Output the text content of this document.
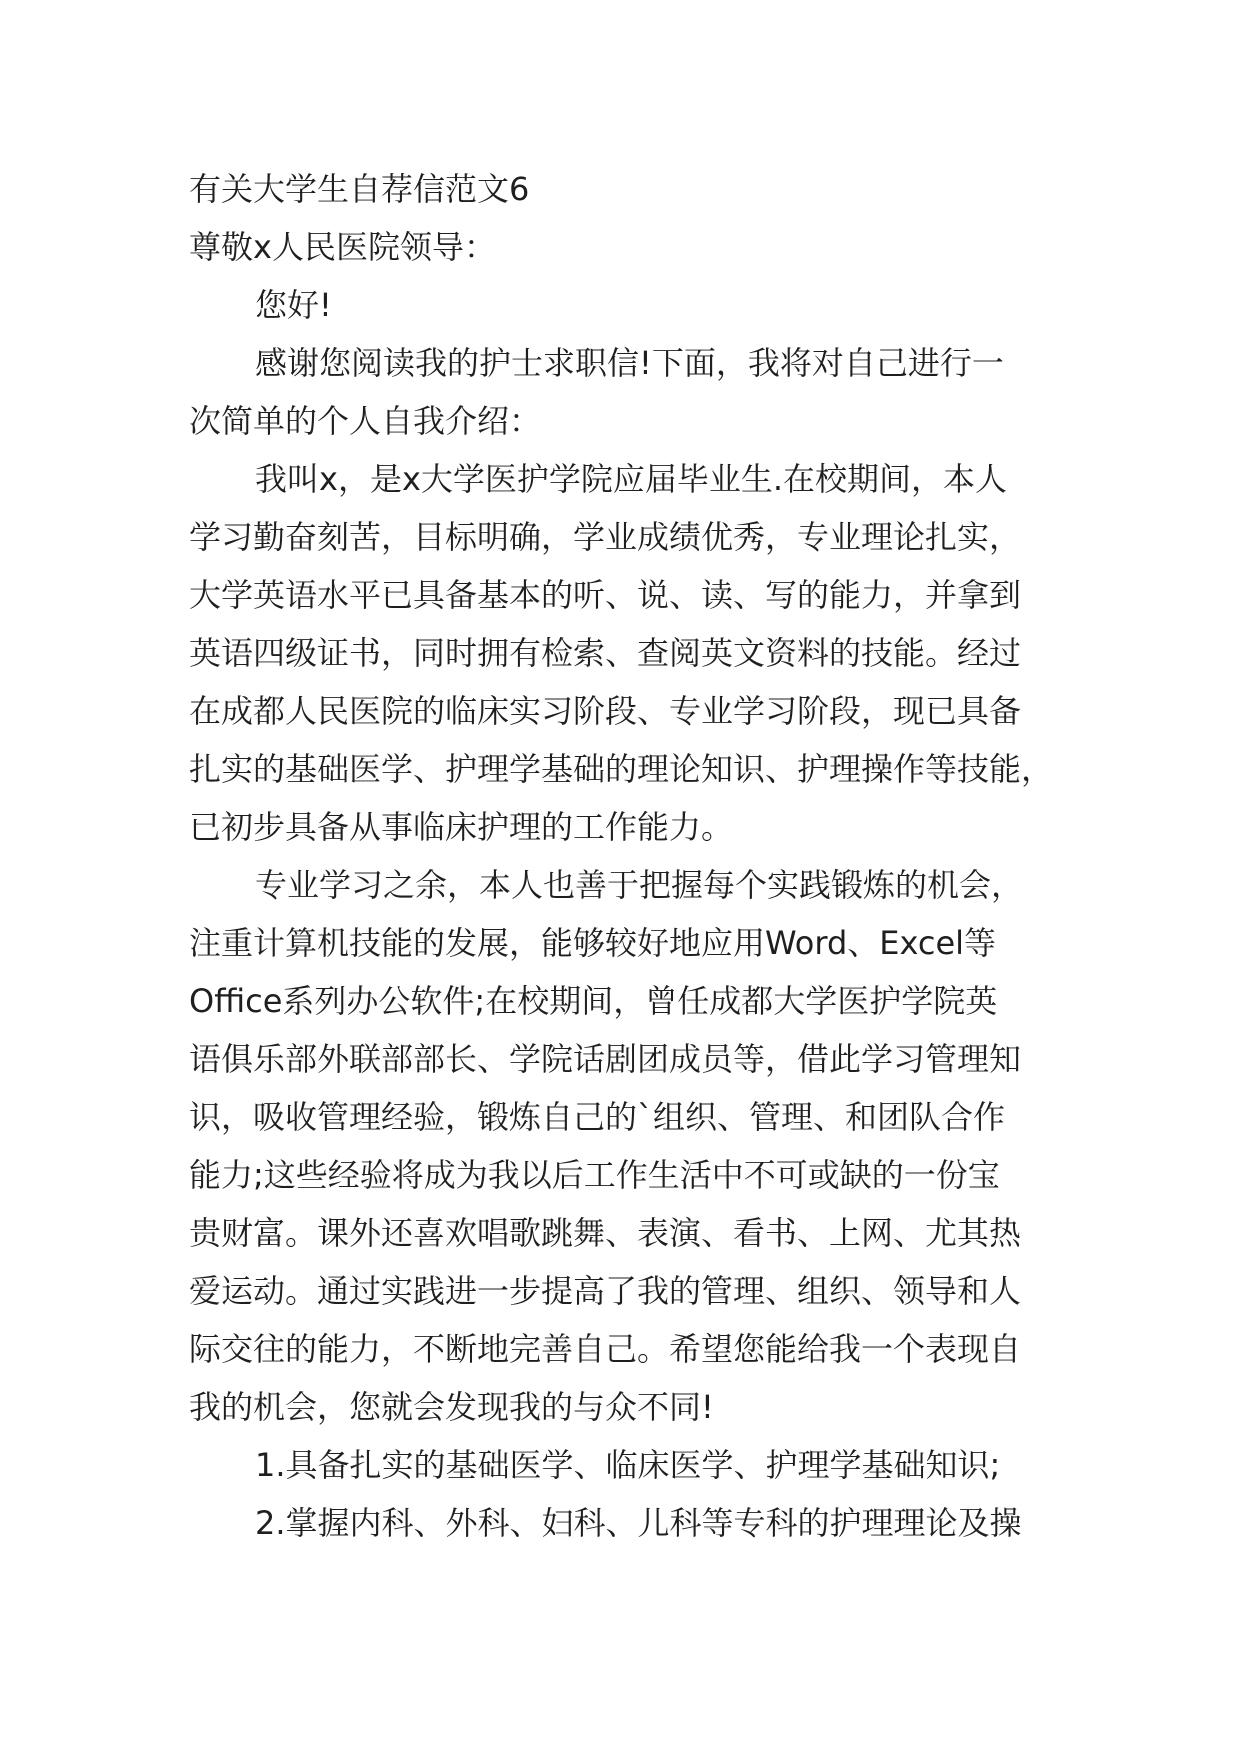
有关大学生自荐信范文6
尊敬x人民医院领导：
您好!
感谢您阅读我的护士求职信!下面，我将对自己进行一
次简单的个人自我介绍：
我叫x，是x大学医护学院应届毕业生.在校期间，本人
学习勤奋刻苦，目标明确，学业成绩优秀，专业理论扎实，
大学英语水平已具备基本的听、说、读、写的能力，并拿到
英语四级证书，同时拥有检索、查阅英文资料的技能。经过
在成都人民医院的临床实习阶段、专业学习阶段，现已具备
扎实的基础医学、护理学基础的理论知识、护理操作等技能，
已初步具备从事临床护理的工作能力。
专业学习之余，本人也善于把握每个实践锻炼的机会，
注重计算机技能的发展，能够较好地应用Word、Excel等
Office系列办公软件;在校期间，曾任成都大学医护学院英
语俱乐部外联部部长、学院话剧团成员等，借此学习管理知
识，吸收管理经验，锻炼自己的`组织、管理、和团队合作
能力;这些经验将成为我以后工作生活中不可或缺的一份宝
贵财富。课外还喜欢唱歌跳舞、表演、看书、上网、尤其热
爱运动。通过实践进一步提高了我的管理、组织、领导和人
际交往的能力，不断地完善自己。希望您能给我一个表现自
我的机会，您就会发现我的与众不同!
1.具备扎实的基础医学、临床医学、护理学基础知识;
2.掌握内科、外科、妇科、儿科等专科的护理理论及操
